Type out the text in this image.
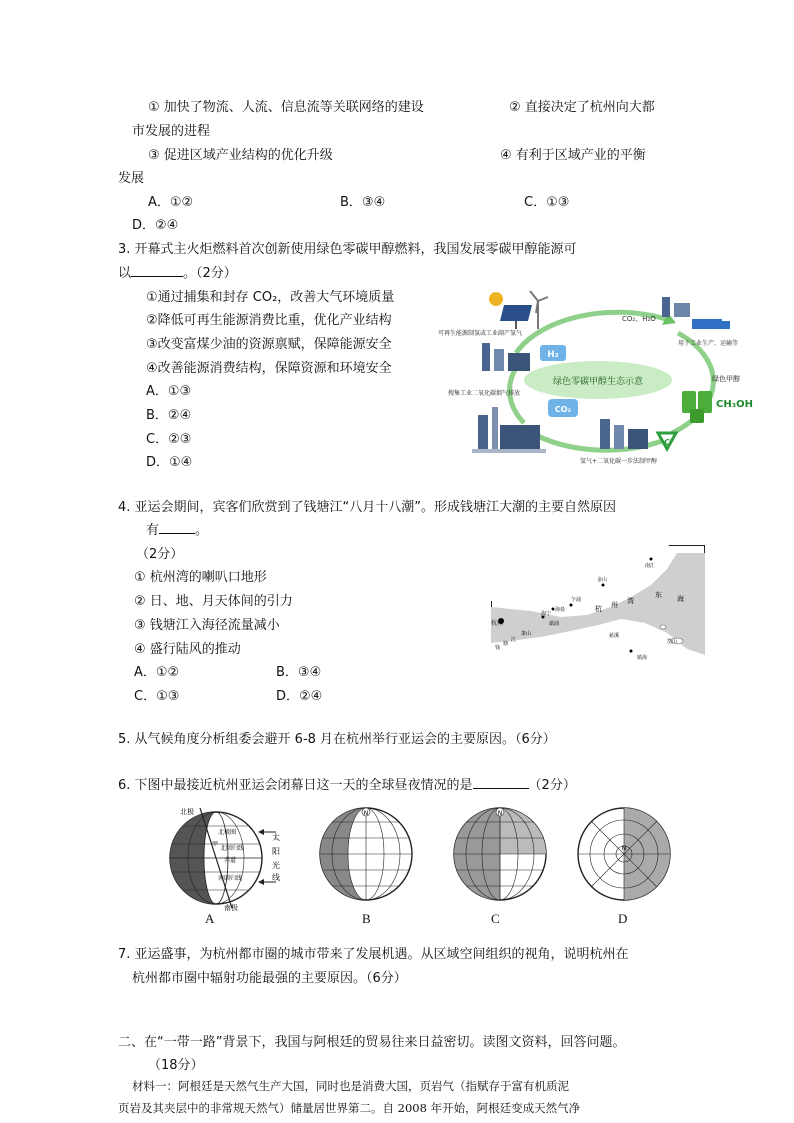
① 加快了物流、人流、信息流等关联网络的建设	② 直接决定了杭州向大都
市发展的进程
③ 促进区域产业结构的优化升级	④ 有利于区域产业的平衡
发展
A．①②	B．③④	C．①③
D．②④
3. 开幕式主火炬燃料首次创新使用绿色零碳甲醇燃料，我国发展零碳甲醇能源可
以	。（2分）
①通过捕集和封存 CO₂，改善大气环境质量
②降低可再生能源消费比重，优化产业结构
③改变富煤少油的资源禀赋，保障能源安全
④改善能源消费结构，保障资源和环境安全
A．①③
B．②④
C．②③
D．①④
绿色零碳甲醇生态示意
可再生能源制氢或工业副产氢气
H₂
搜集工业二氧化碳烟气排放
CO₂
CO₂、H₂O
用于工业生产、运输等
绿色甲醇
CH₃OH
C
氢气+二氧化碳一步法制甲醇
4. 亚运会期间，宾客们欣赏到了钱塘江“八月十八潮”。形成钱塘江大潮的主要自然原因
有	。
（2分）
① 杭州湾的喇叭口地形
② 日、地、月天体间的引力
③ 钱塘江入海径流量减小
④ 盛行陆风的推动
A．①②	B．③④
C．①③	D．②④
杭州
南汇
金山
乍浦
海盐
海宁
澉浦
萧山
钱
塘
江
杭 州 湾
东 海
岱山
慈溪
镇海
5. 从气候角度分析组委会避开 6-8 月在杭州举行亚运会的主要原因。（6分）
6. 下图中最接近杭州亚运会闭幕日这一天的全球昼夜情况的是	（2分）
北极
南极
北极圈
甲
北回归线
赤道
南回归线
太
阳
光
线
N	N
N
A	B	C	D
7. 亚运盛事，为杭州都市圈的城市带来了发展机遇。从区域空间组织的视角，说明杭州在
杭州都市圈中辐射功能最强的主要原因。（6分）
二、在“一带一路”背景下，我国与阿根廷的贸易往来日益密切。读图文资料，回答问题。
（18分）
材料一：阿根廷是天然气生产大国，同时也是消费大国，页岩气（指赋存于富有机质泥
页岩及其夹层中的非常规天然气）储量居世界第二。自 2008 年开始，阿根廷变成天然气净
